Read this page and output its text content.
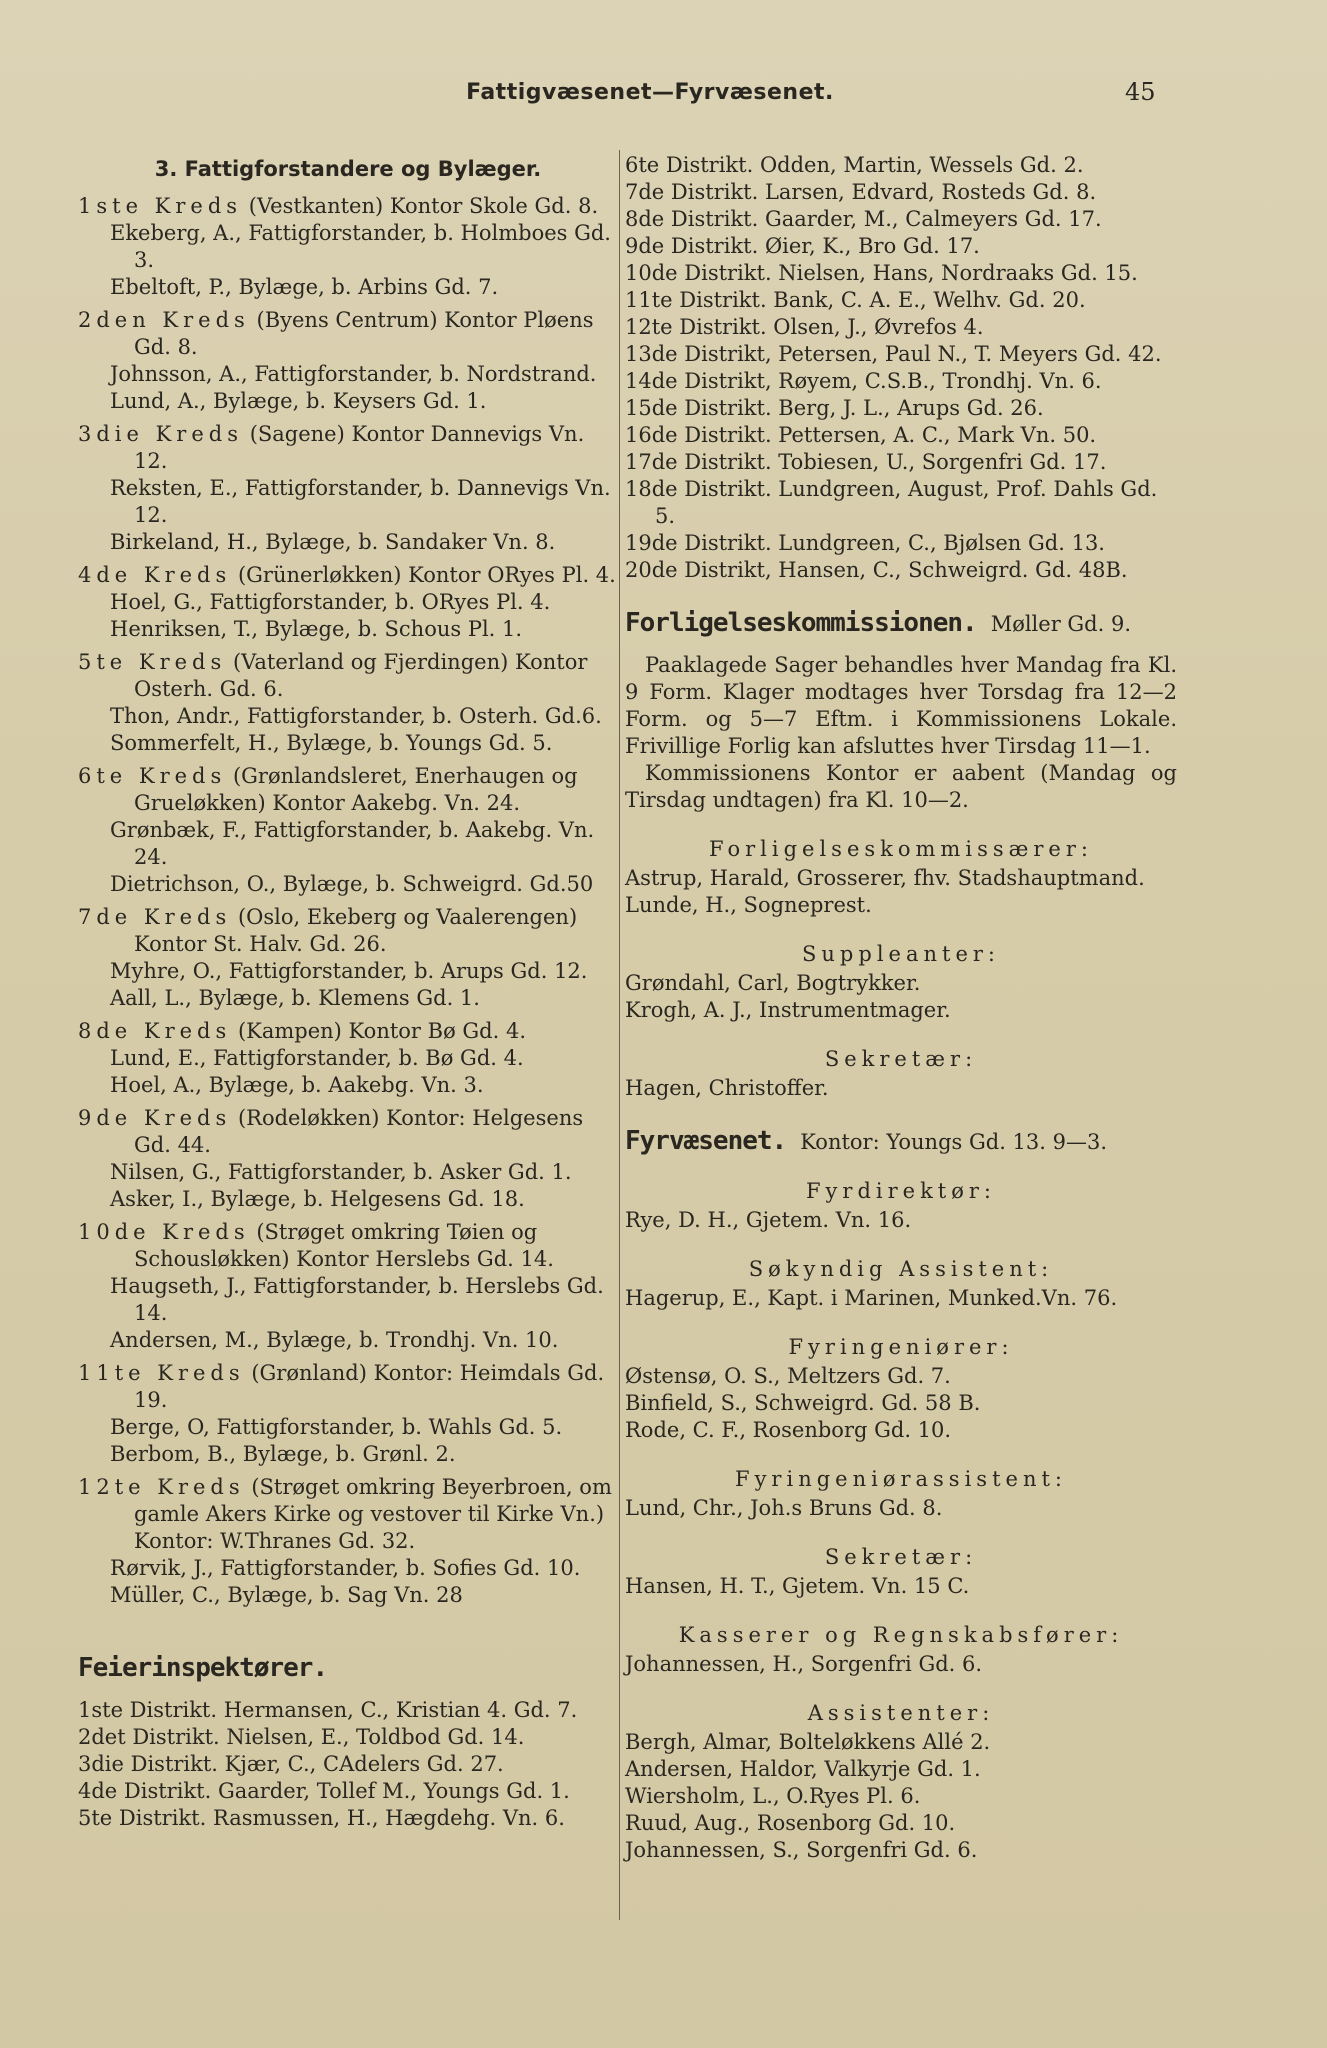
Fattigvæsenet—Fyrvæsenet.	45
3. Fattigforstandere og Bylæger.
1ste Kreds (Vestkanten) Kontor Skole Gd. 8.
Ekeberg, A., Fattigforstander, b. Holmboes Gd. 3.
Ebeltoft, P., Bylæge, b. Arbins Gd. 7.
2den Kreds (Byens Centrum) Kontor Pløens Gd. 8.
Johnsson, A., Fattigforstander, b. Nordstrand.
Lund, A., Bylæge, b. Keysers Gd. 1.
3die Kreds (Sagene) Kontor Dannevigs Vn. 12.
Reksten, E., Fattigforstander, b. Dannevigs Vn. 12.
Birkeland, H., Bylæge, b. Sandaker Vn. 8.
4de Kreds (Grünerløkken) Kontor ORyes Pl. 4.
Hoel, G., Fattigforstander, b. ORyes Pl. 4.
Henriksen, T., Bylæge, b. Schous Pl. 1.
5te Kreds (Vaterland og Fjerdingen) Kontor Osterh. Gd. 6.
Thon, Andr., Fattigforstander, b. Osterh. Gd.6.
Sommerfelt, H., Bylæge, b. Youngs Gd. 5.
6te Kreds (Grønlandsleret, Enerhaugen og Grueløkken) Kontor Aakebg. Vn. 24.
Grønbæk, F., Fattigforstander, b. Aakebg. Vn. 24.
Dietrichson, O., Bylæge, b. Schweigrd. Gd.50
7de Kreds (Oslo, Ekeberg og Vaalerengen) Kontor St. Halv. Gd. 26.
Myhre, O., Fattigforstander, b. Arups Gd. 12.
Aall, L., Bylæge, b. Klemens Gd. 1.
8de Kreds (Kampen) Kontor Bø Gd. 4.
Lund, E., Fattigforstander, b. Bø Gd. 4.
Hoel, A., Bylæge, b. Aakebg. Vn. 3.
9de Kreds (Rodeløkken) Kontor: Helgesens Gd. 44.
Nilsen, G., Fattigforstander, b. Asker Gd. 1.
Asker, I., Bylæge, b. Helgesens Gd. 18.
10de Kreds (Strøget omkring Tøien og Schousløkken) Kontor Herslebs Gd. 14.
Haugseth, J., Fattigforstander, b. Herslebs Gd. 14.
Andersen, M., Bylæge, b. Trondhj. Vn. 10.
11te Kreds (Grønland) Kontor: Heimdals Gd. 19.
Berge, O, Fattigforstander, b. Wahls Gd. 5.
Berbom, B., Bylæge, b. Grønl. 2.
12te Kreds (Strøget omkring Beyerbroen, om gamle Akers Kirke og vestover til Kirke Vn.) Kontor: W.Thranes Gd. 32.
Rørvik, J., Fattigforstander, b. Sofies Gd. 10.
Müller, C., Bylæge, b. Sag Vn. 28
Feierinspektører.
1ste Distrikt. Hermansen, C., Kristian 4. Gd. 7.
2det Distrikt. Nielsen, E., Toldbod Gd. 14.
3die Distrikt. Kjær, C., CAdelers Gd. 27.
4de Distrikt. Gaarder, Tollef M., Youngs Gd. 1.
5te Distrikt. Rasmussen, H., Hægdehg. Vn. 6.
6te Distrikt. Odden, Martin, Wessels Gd. 2.
7de Distrikt. Larsen, Edvard, Rosteds Gd. 8.
8de Distrikt. Gaarder, M., Calmeyers Gd. 17.
9de Distrikt. Øier, K., Bro Gd. 17.
10de Distrikt. Nielsen, Hans, Nordraaks Gd. 15.
11te Distrikt. Bank, C. A. E., Welhv. Gd. 20.
12te Distrikt. Olsen, J., Øvrefos 4.
13de Distrikt, Petersen, Paul N., T. Meyers Gd. 42.
14de Distrikt, Røyem, C.S.B., Trondhj. Vn. 6.
15de Distrikt. Berg, J. L., Arups Gd. 26.
16de Distrikt. Pettersen, A. C., Mark Vn. 50.
17de Distrikt. Tobiesen, U., Sorgenfri Gd. 17.
18de Distrikt. Lundgreen, August, Prof. Dahls Gd. 5.
19de Distrikt. Lundgreen, C., Bjølsen Gd. 13.
20de Distrikt, Hansen, C., Schweigrd. Gd. 48B.
Forligelseskommissionen. Møller Gd. 9.
Paaklagede Sager behandles hver Mandag fra Kl. 9 Form. Klager modtages hver Torsdag fra 12—2 Form. og 5—7 Eftm. i Kommissionens Lokale. Frivillige Forlig kan afsluttes hver Tirsdag 11—1.
Kommissionens Kontor er aabent (Mandag og Tirsdag undtagen) fra Kl. 10—2.
Forligelseskommissærer:
Astrup, Harald, Grosserer, fhv. Stadshauptmand.
Lunde, H., Sogneprest.
Suppleanter:
Grøndahl, Carl, Bogtrykker.
Krogh, A. J., Instrumentmager.
Sekretær:
Hagen, Christoffer.
Fyrvæsenet. Kontor: Youngs Gd. 13. 9—3.
Fyrdirektør:
Rye, D. H., Gjetem. Vn. 16.
Søkyndig Assistent:
Hagerup, E., Kapt. i Marinen, Munked.Vn. 76.
Fyringeniører:
Østensø, O. S., Meltzers Gd. 7.
Binfield, S., Schweigrd. Gd. 58 B.
Rode, C. F., Rosenborg Gd. 10.
Fyringeniørassistent:
Lund, Chr., Joh.s Bruns Gd. 8.
Sekretær:
Hansen, H. T., Gjetem. Vn. 15 C.
Kasserer og Regnskabsfører:
Johannessen, H., Sorgenfri Gd. 6.
Assistenter:
Bergh, Almar, Bolteløkkens Allé 2.
Andersen, Haldor, Valkyrje Gd. 1.
Wiersholm, L., O.Ryes Pl. 6.
Ruud, Aug., Rosenborg Gd. 10.
Johannessen, S., Sorgenfri Gd. 6.
